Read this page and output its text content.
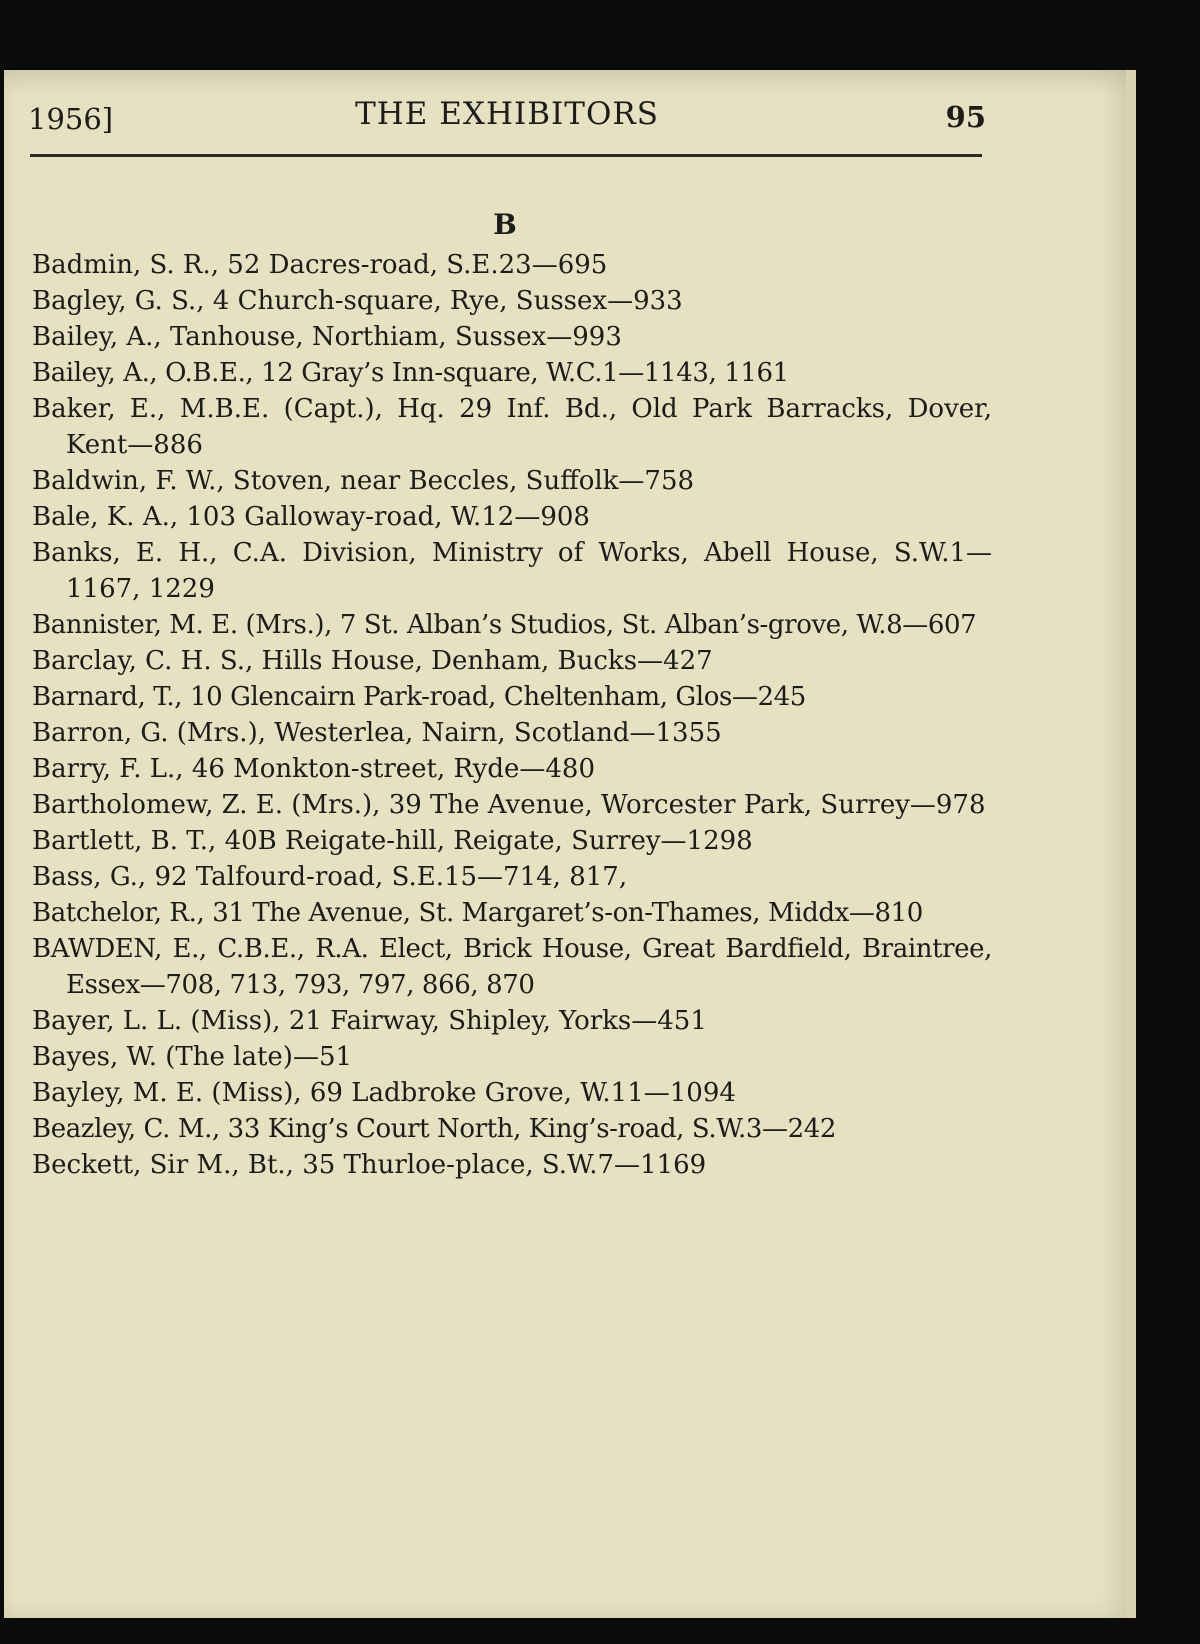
1956]	THE EXHIBITORS	95
B
Badmin, S. R., 52 Dacres-road, S.E.23—695
Bagley, G. S., 4 Church-square, Rye, Sussex—933
Bailey, A., Tanhouse, Northiam, Sussex—993
Bailey, A., O.B.E., 12 Gray’s Inn-square, W.C.1—1143, 1161
Baker, E., M.B.E. (Capt.), Hq. 29 Inf. Bd., Old Park Barracks, Dover, Kent—886
Baldwin, F. W., Stoven, near Beccles, Suffolk—758
Bale, K. A., 103 Galloway-road, W.12—908
Banks, E. H., C.A. Division, Ministry of Works, Abell House, S.W.1—1167, 1229
Bannister, M. E. (Mrs.), 7 St. Alban’s Studios, St. Alban’s-grove, W.8—607
Barclay, C. H. S., Hills House, Denham, Bucks—427
Barnard, T., 10 Glencairn Park-road, Cheltenham, Glos—245
Barron, G. (Mrs.), Westerlea, Nairn, Scotland—1355
Barry, F. L., 46 Monkton-street, Ryde—480
Bartholomew, Z. E. (Mrs.), 39 The Avenue, Worcester Park, Surrey—978
Bartlett, B. T., 40B Reigate-hill, Reigate, Surrey—1298
Bass, G., 92 Talfourd-road, S.E.15—714, 817,
Batchelor, R., 31 The Avenue, St. Margaret’s-on-Thames, Middx—810
BAWDEN, E., C.B.E., R.A. Elect, Brick House, Great Bardfield, Braintree, Essex—708, 713, 793, 797, 866, 870
Bayer, L. L. (Miss), 21 Fairway, Shipley, Yorks—451
Bayes, W. (The late)—51
Bayley, M. E. (Miss), 69 Ladbroke Grove, W.11—1094
Beazley, C. M., 33 King’s Court North, King’s-road, S.W.3—242
Beckett, Sir M., Bt., 35 Thurloe-place, S.W.7—1169
